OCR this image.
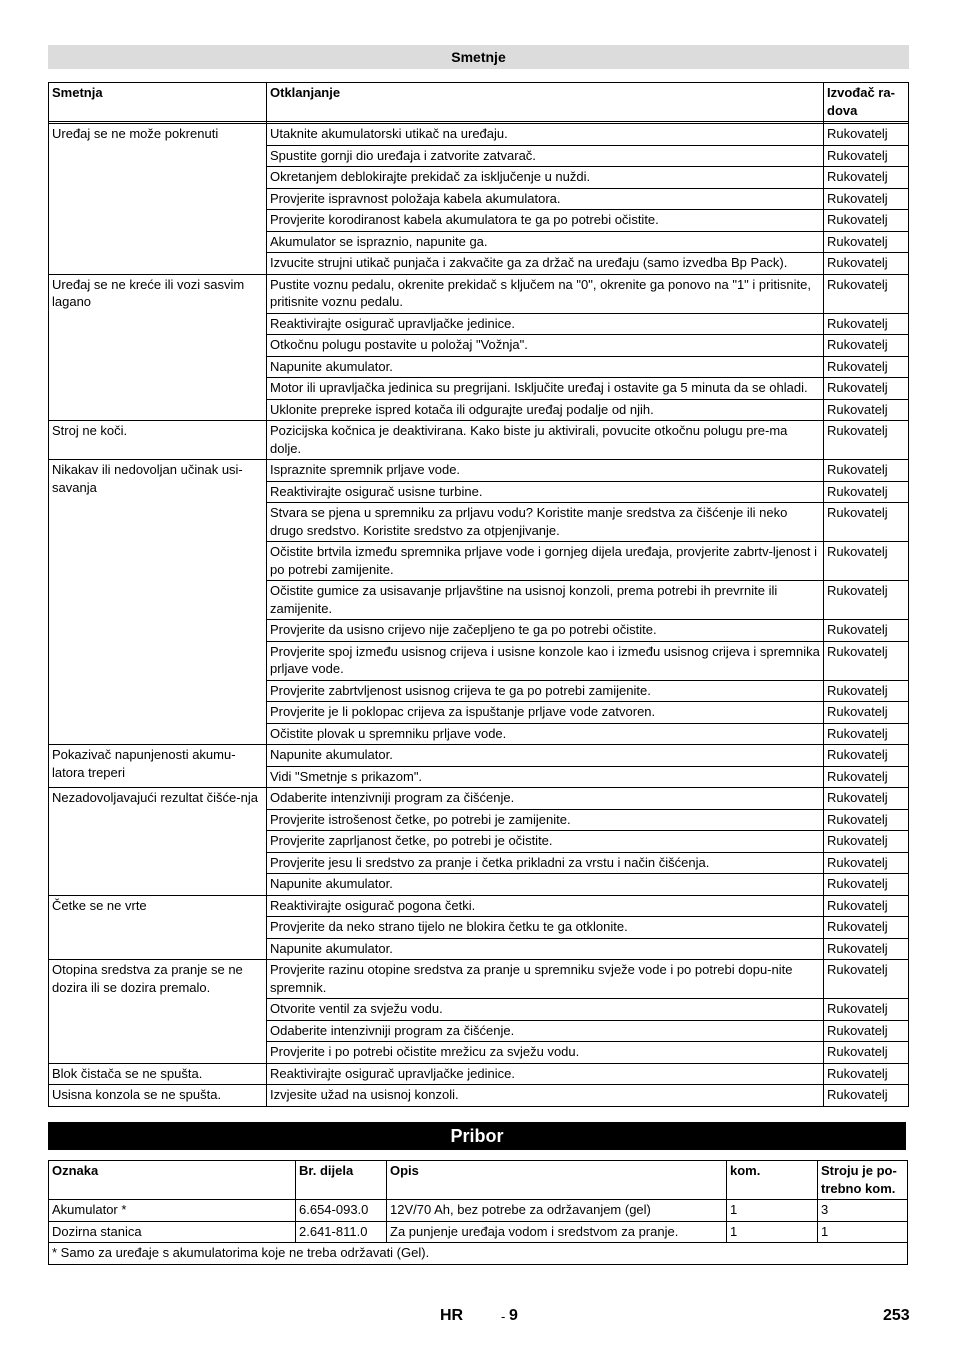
Smetnje
Smetnja	Otklanjanje	Izvođač ra-
dova

Uređaj se ne može pokrenuti	Utaknite akumulatorski utikač na uređaju.	Rukovatelj
	Spustite gornji dio uređaja i zatvorite zatvarač.	Rukovatelj
	Okretanjem deblokirajte prekidač za isključenje u nuždi.	Rukovatelj
	Provjerite ispravnost položaja kabela akumulatora.	Rukovatelj
	Provjerite korodiranost kabela akumulatora te ga po potrebi očistite.	Rukovatelj
	Akumulator se ispraznio, napunite ga.	Rukovatelj
	Izvucite strujni utikač punjača i zakvačite ga za držač na uređaju (samo izvedba Bp Pack).	Rukovatelj
Uređaj se ne kreće ili vozi sasvim lagano	Pustite voznu pedalu, okrenite prekidač s ključem na "0", okrenite ga ponovo na "1" i pritisnite, pritisnite voznu pedalu.	Rukovatelj
	Reaktivirajte osigurač upravljačke jedinice.	Rukovatelj
	Otkočnu polugu postavite u položaj "Vožnja".	Rukovatelj
	Napunite akumulator.	Rukovatelj
	Motor ili upravljačka jedinica su pregrijani. Isključite uređaj i ostavite ga 5 minuta da se ohladi.	Rukovatelj
	Uklonite prepreke ispred kotača ili odgurajte uređaj podalje od njih.	Rukovatelj
Stroj ne koči.	Pozicijska kočnica je deaktivirana. Kako biste ju aktivirali, povucite otkočnu polugu pre-ma dolje.	Rukovatelj
Nikakav ili nedovoljan učinak usi-savanja	Ispraznite spremnik prljave vode.	Rukovatelj
	Reaktivirajte osigurač usisne turbine.	Rukovatelj
	Stvara se pjena u spremniku za prljavu vodu? Koristite manje sredstva za čišćenje ili neko drugo sredstvo. Koristite sredstvo za otpjenjivanje.	Rukovatelj
	Očistite brtvila između spremnika prljave vode i gornjeg dijela uređaja, provjerite zabrtv-ljenost i po potrebi zamijenite.	Rukovatelj
	Očistite gumice za usisavanje prljavštine na usisnoj konzoli, prema potrebi ih prevrnite ili zamijenite.	Rukovatelj
	Provjerite da usisno crijevo nije začepljeno te ga po potrebi očistite.	Rukovatelj
	Provjerite spoj između usisnog crijeva i usisne konzole kao i između usisnog crijeva i spremnika prljave vode.	Rukovatelj
	Provjerite zabrtvljenost usisnog crijeva te ga po potrebi zamijenite.	Rukovatelj
	Provjerite je li poklopac crijeva za ispuštanje prljave vode zatvoren.	Rukovatelj
	Očistite plovak u spremniku prljave vode.	Rukovatelj
Pokazivač napunjenosti akumu-latora treperi	Napunite akumulator.	Rukovatelj
	Vidi "Smetnje s prikazom".	Rukovatelj
Nezadovoljavajući rezultat čišće-nja	Odaberite intenzivniji program za čišćenje.	Rukovatelj
	Provjerite istrošenost četke, po potrebi je zamijenite.	Rukovatelj
	Provjerite zaprljanost četke, po potrebi je očistite.	Rukovatelj
	Provjerite jesu li sredstvo za pranje i četka prikladni za vrstu i način čišćenja.	Rukovatelj
	Napunite akumulator.	Rukovatelj
Četke se ne vrte	Reaktivirajte osigurač pogona četki.	Rukovatelj
	Provjerite da neko strano tijelo ne blokira četku te ga otklonite.	Rukovatelj
	Napunite akumulator.	Rukovatelj
Otopina sredstva za pranje se ne dozira ili se dozira premalo.	Provjerite razinu otopine sredstva za pranje u spremniku svježe vode i po potrebi dopu-nite spremnik.	Rukovatelj
	Otvorite ventil za svježu vodu.	Rukovatelj
	Odaberite intenzivniji program za čišćenje.	Rukovatelj
	Provjerite i po potrebi očistite mrežicu za svježu vodu.	Rukovatelj
Blok čistača se ne spušta.	Reaktivirajte osigurač upravljačke jedinice.	Rukovatelj
Usisna konzola se ne spušta.	Izvjesite užad na usisnoj konzoli.	Rukovatelj
Pribor
Oznaka	Br. dijela	Opis	kom.	Stroju je po-
trebno kom.
Akumulator *	6.654-093.0	12V/70 Ah, bez potrebe za održavanjem (gel)	1	3
Dozirna stanica	2.641-811.0	Za punjenje uređaja vodom i sredstvom za pranje.	1	1
* Samo za uređaje s akumulatorima koje ne treba održavati (Gel).				
HR	- 9	253
